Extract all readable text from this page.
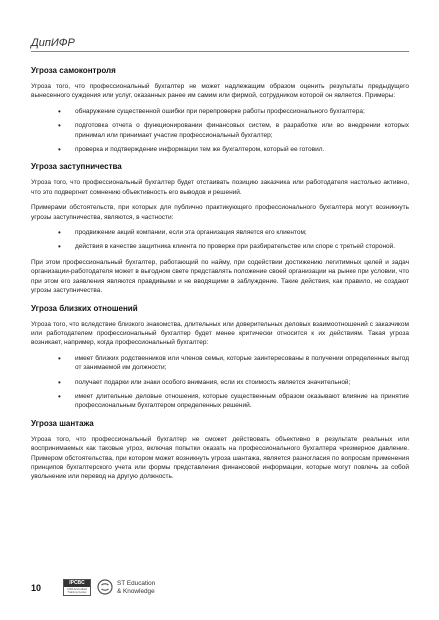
ДипИФР
Угроза самоконтроля

Угроза того, что профессиональный бухгалтер не может надлежащим образом оценить результаты предыдущего вынесенного суждения или услуг, оказанных ранее им самим или фирмой, сотрудником которой он является. Примеры:

• обнаружение существенной ошибки при перепроверке работы профессионального бухгалтера;
• подготовка отчета о функционировании финансовых систем, в разработке или во внедрении которых принимал или принимает участие профессиональный бухгалтер;
• проверка и подтверждение информации тем же бухгалтером, который ее готовил.
Угроза заступничества

Угроза того, что профессиональный бухгалтер будет отстаивать позицию заказчика или работодателя настолько активно, что это подвергнет сомнению объективность его выводов и решений.

Примерами обстоятельств, при которых для публично практикующего профессионального бухгалтера могут возникнуть угрозы заступничества, являются, в частности:

• продвижение акций компании, если эта организация является его клиентом;
• действия в качестве защитника клиента по проверке при разбирательстве или споре с третьей стороной.

При этом профессиональный бухгалтер, работающий по найму, при содействии достижению легитимных целей и задач организации-работодателя может в выгодном свете представлять положение своей организации на рынке при условии, что при этом его заявления являются правдивыми и не вводящими в заблуждение. Такие действия, как правило, не создают угрозы заступничества.

Угроза близких отношений

Угроза того, что вследствие близкого знакомства, длительных или доверительных деловых взаимоотношений с заказчиком или работодателем профессиональный бухгалтер будет менее критически относится к их действиям. Такая угроза возникает, например, когда профессиональный бухгалтер:

• имеет близких родственников или членов семьи, которые заинтересованы в получении определенных выгод от занимаемой им должности;
• получает подарки или знаки особого внимания, если их стоимость является значительной;
• имеет длительные деловые отношения, которые существенным образом оказывают влияние на принятие профессиональным бухгалтером определенных решений.
Угроза шантажа

Угроза того, что профессиональный бухгалтер не сможет действовать объективно в результате реальных или воспринимаемых как таковые угроз, включая попытки оказать на профессионального бухгалтера чрезмерное давление. Примером обстоятельства, при котором может возникнуть угроза шантажа, является разногласия по вопросам применения принципов бухгалтерского учета или формы представления финансовой информации, которые могут повлечь за собой увольнение или перевод на другую должность.

10	IPCBC
CIPA Accredited Training Center
ST Education
& Knowledge
